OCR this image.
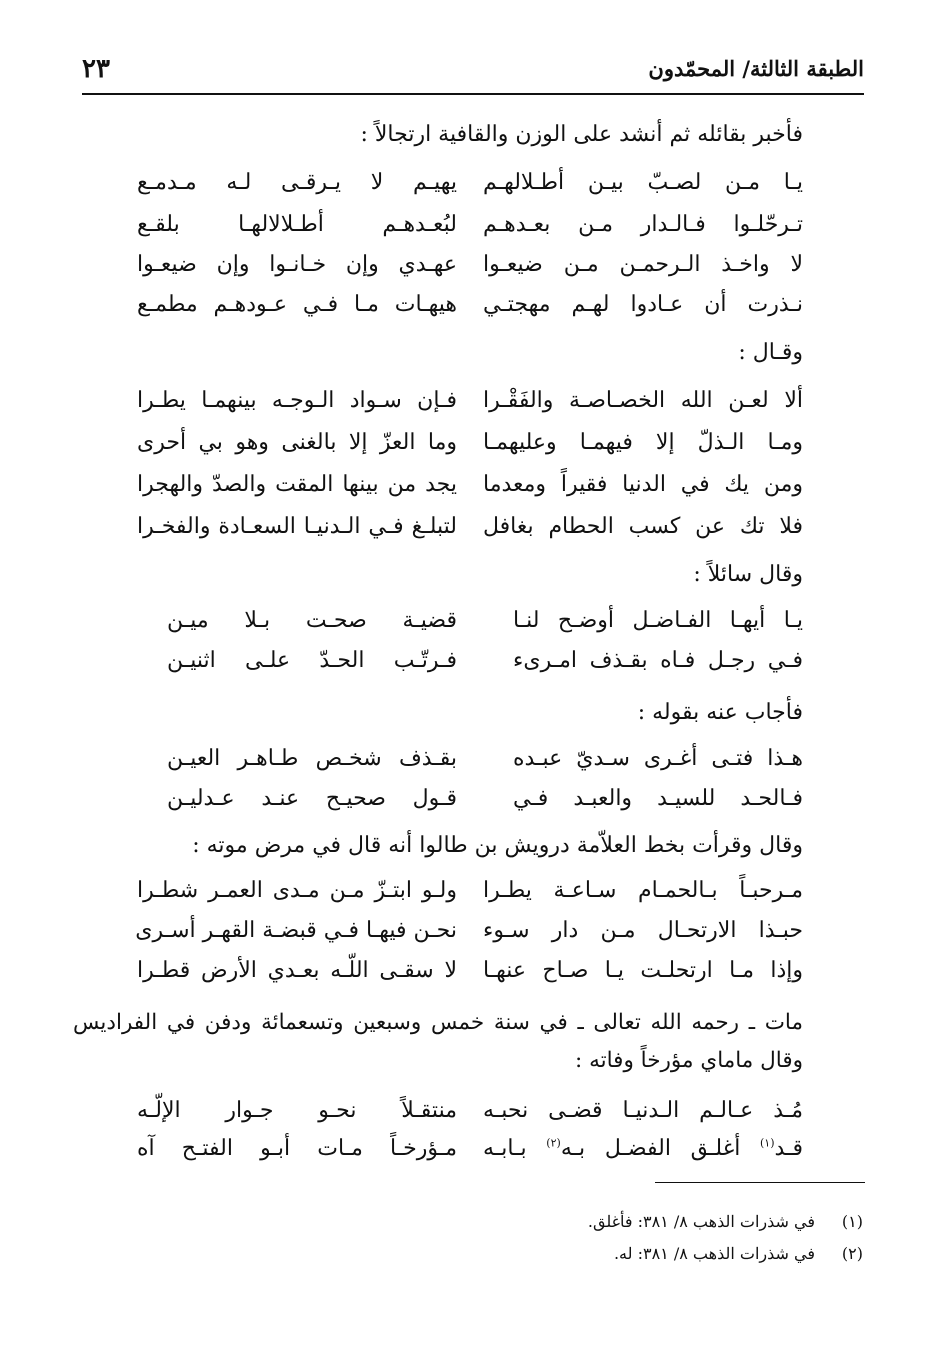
الطبقة الثالثة/ المحمّدون
٢٣
فأخبر بقائله ثم أنشد على الوزن والقافية ارتجالاً :
يـا مـن لصـبّ بيـن أطـلالهـم
يهيـم لا يـرقـى لـه مـدمـع
تـرحّلـوا فـالـدار مـن بعـدهـم
لبُعـدهـم أطـلالالهـا بلقـع
لا واخـذ الـرحمـن مـن ضيعـوا
عهـدي وإن خـانـوا وإن ضيعـوا
نـذرت أن عـادوا لهـم مهجتـي
هيهـات مـا فـي عـودهـم مطمـع
وقـال :
ألا لعـن الله الخصـاصـة والفَقْـرا
فـإن سـواد الـوجـه بينهمـا يطـرا
ومـا الـذلّ إلا فيهمـا وعليهمـا
وما العزّ إلا بالغنى وهو بي أحرى
ومن يك في الدنيا فقيراً ومعدما
يجد من بينها المقت والصدّ والهجرا
فلا تك عن كسب الحطام بغافل
لتبلـغ فـي الـدنيـا السعـادة والفخـرا
وقال سائلاً :
يـا أيهـا الفـاضـل أوضـح لنـا
قضيـة صحـت بـلا ميـن
فـي رجـل فـاه بقـذف امـرىء
فـرتّـب الحـدّ علـى اثنيـن
فأجاب عنه بقوله :
هـذا فتـى أغـرى سـديّ عبـده
بقـذف شخـص طـاهـر العيـن
فـالحـد للسيـد والعبـد فـي
قـول صحيـح عنـد عـدليـن
وقال وقرأت بخط العلاّمة درويش بن طالوا أنه قال في مرض موته :
مـرحبـاً بـالحمـام سـاعـة يطـرا
ولـو ابتـزّ مـن مـدى العمـر شطـرا
حبـذا الارتحـال مـن دار سـوء
نحـن فيهـا فـي قبضـة القهـر أسـرى
وإذا مـا ارتحلـت يـا صـاح عنهـا
لا سقـى اللّـه بعـدي الأرض قطـرا
مات ـ رحمه الله تعالى ـ في سنة خمس وسبعين وتسعمائة ودفن في الفراديس وقال ماماي مؤرخاً وفاته :
مُـذ عـالـم الـدنيـا قضـى نحبـه
منتقـلاً نحـو جـوار الإلّـه
قـد$^{(١)}$ أغلـق الفضـل بـه$^{(٢)}$ بـابـه
مـؤرخـاً مـات أبـو الفتـح آه
(١)في شذرات الذهب ٨/ ٣٨١: فأغلق.
(٢)في شذرات الذهب ٨/ ٣٨١: له.
